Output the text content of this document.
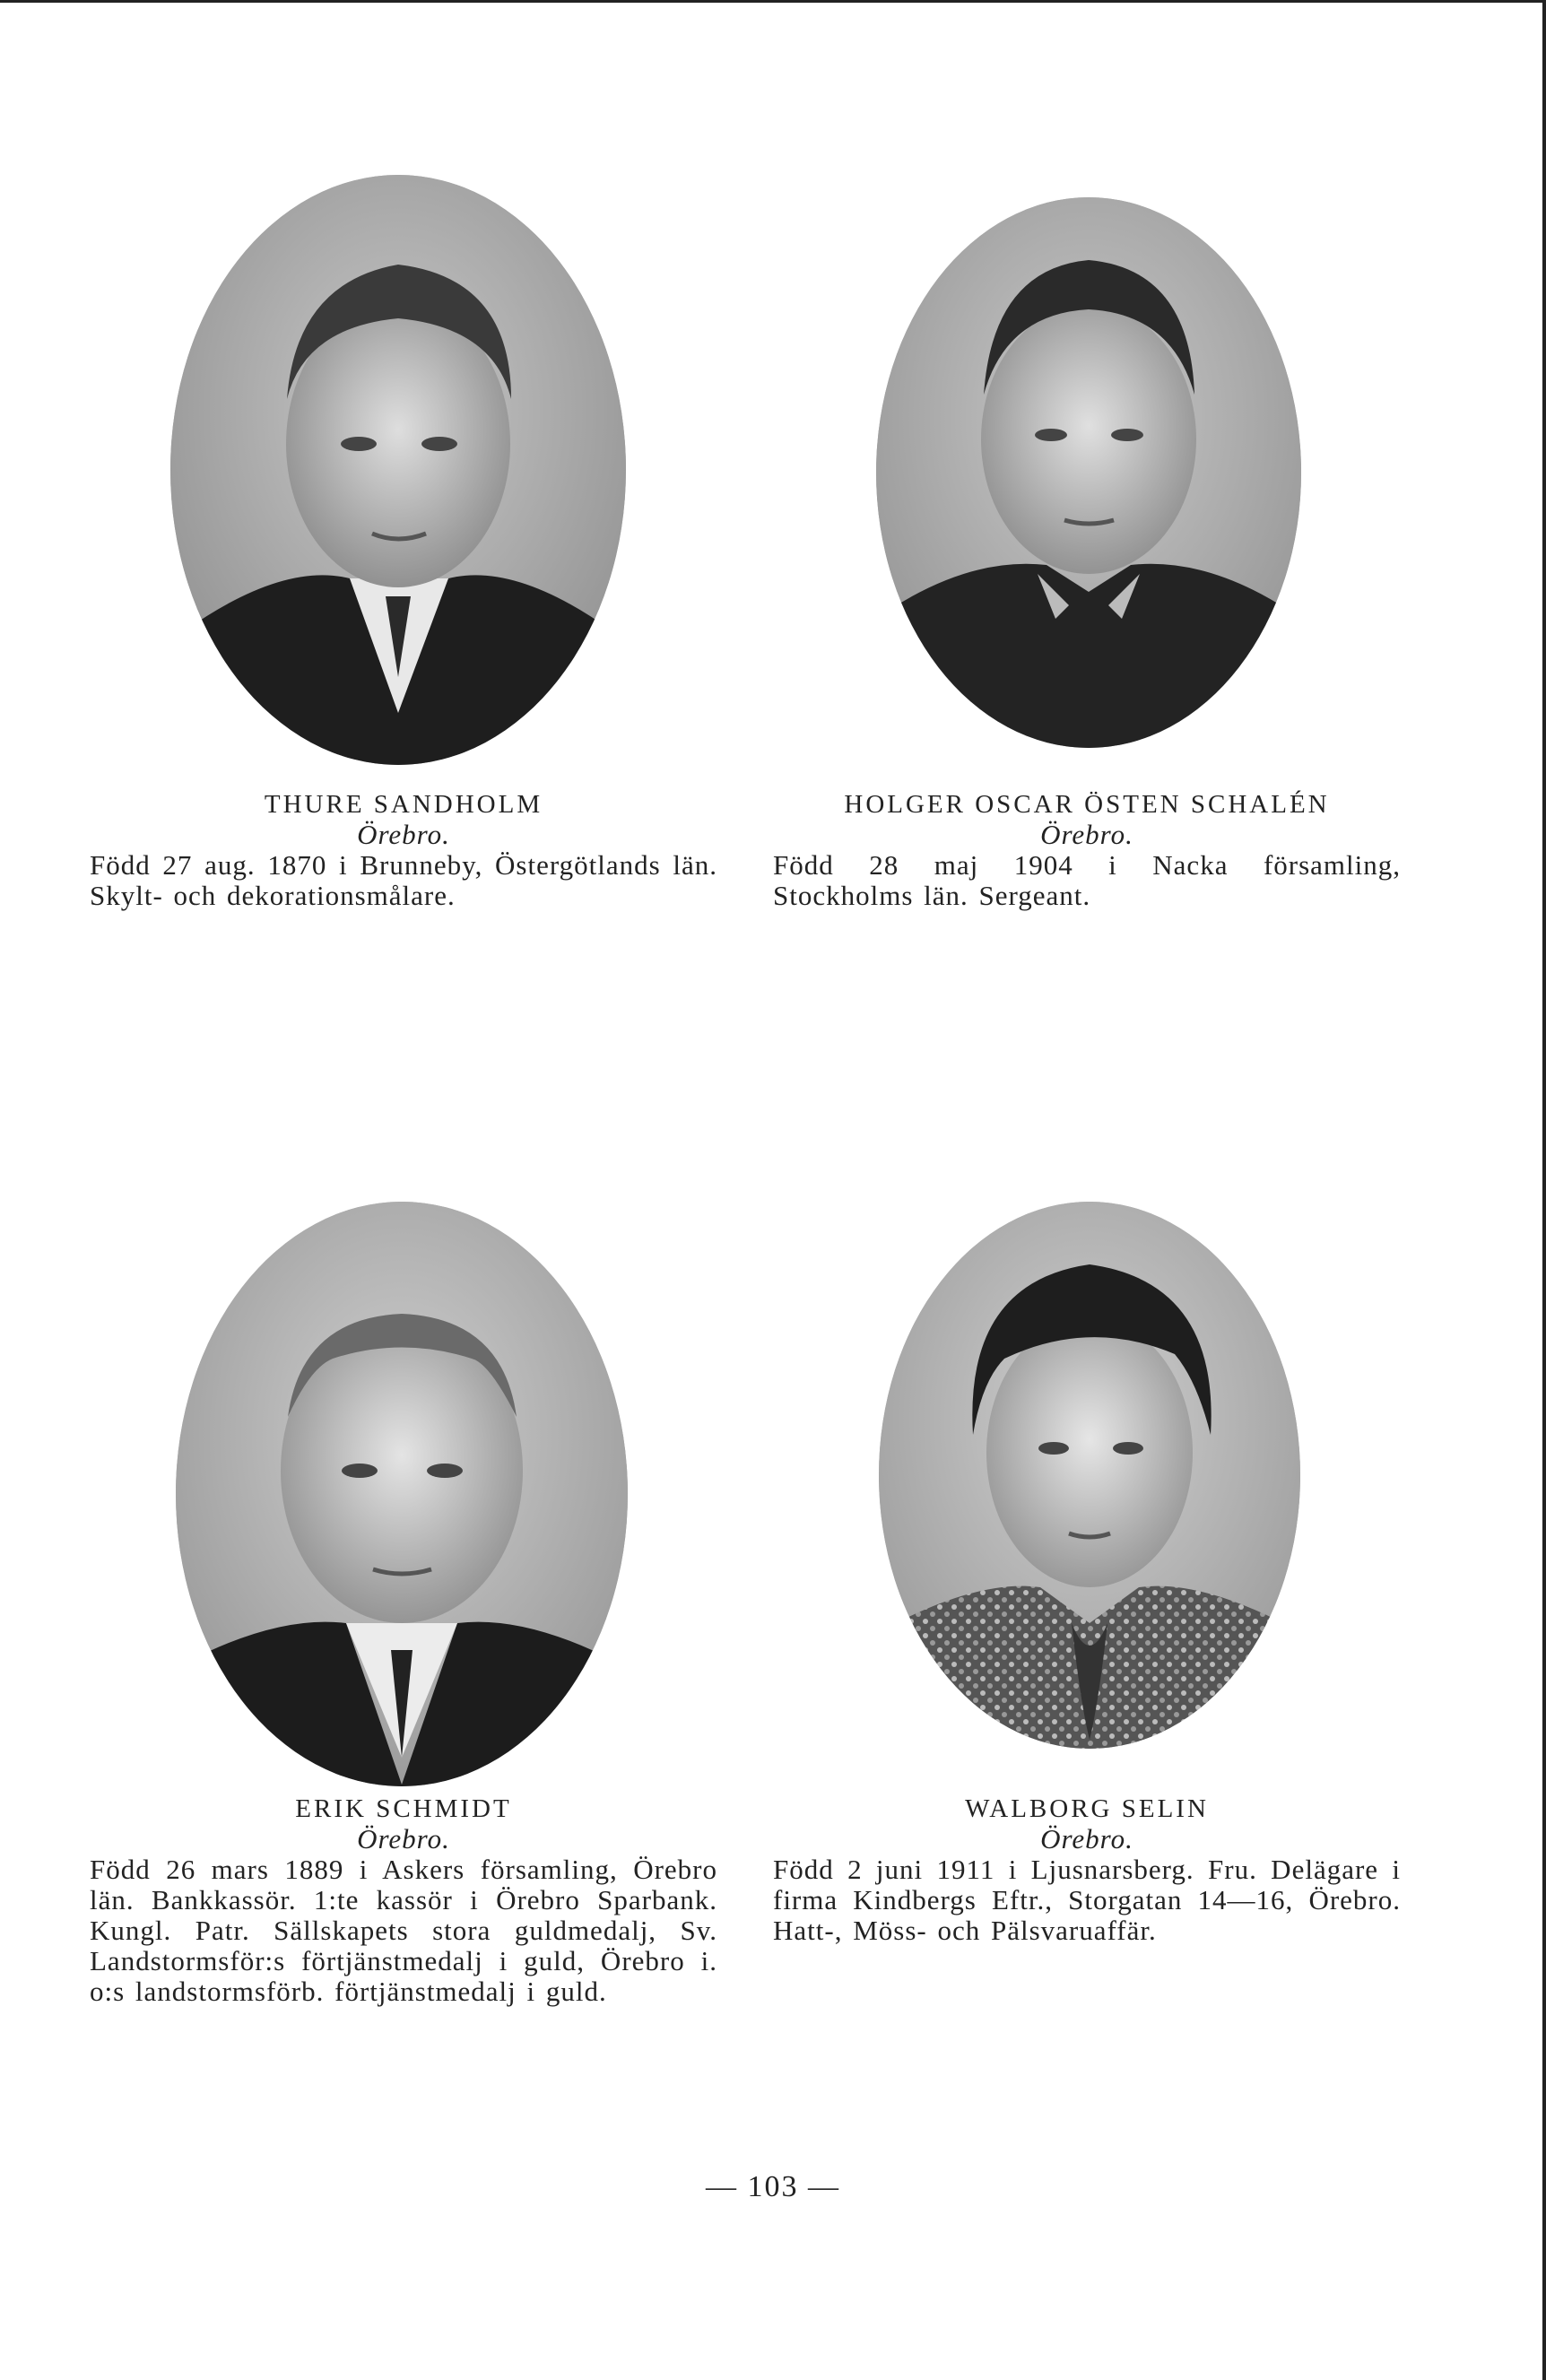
THURE SANDHOLM
Örebro.
Född 27 aug. 1870 i Brunneby, Östergötlands län. Skylt- och dekorationsmålare.
HOLGER OSCAR ÖSTEN SCHALÉN
Örebro.
Född 28 maj 1904 i Nacka församling, Stockholms län. Sergeant.
ERIK SCHMIDT
Örebro.
Född 26 mars 1889 i Askers församling, Örebro län. Bankkassör. 1:te kassör i Örebro Sparbank. Kungl. Patr. Sällskapets stora guldmedalj, Sv. Landstormsför:s förtjänstmedalj i guld, Örebro i. o:s landstormsförb. förtjänstmedalj i guld.
WALBORG SELIN
Örebro.
Född 2 juni 1911 i Ljusnarsberg. Fru. Delägare i firma Kindbergs Eftr., Storgatan 14—16, Örebro. Hatt-, Möss- och Pälsvaruaffär.
— 103 —
